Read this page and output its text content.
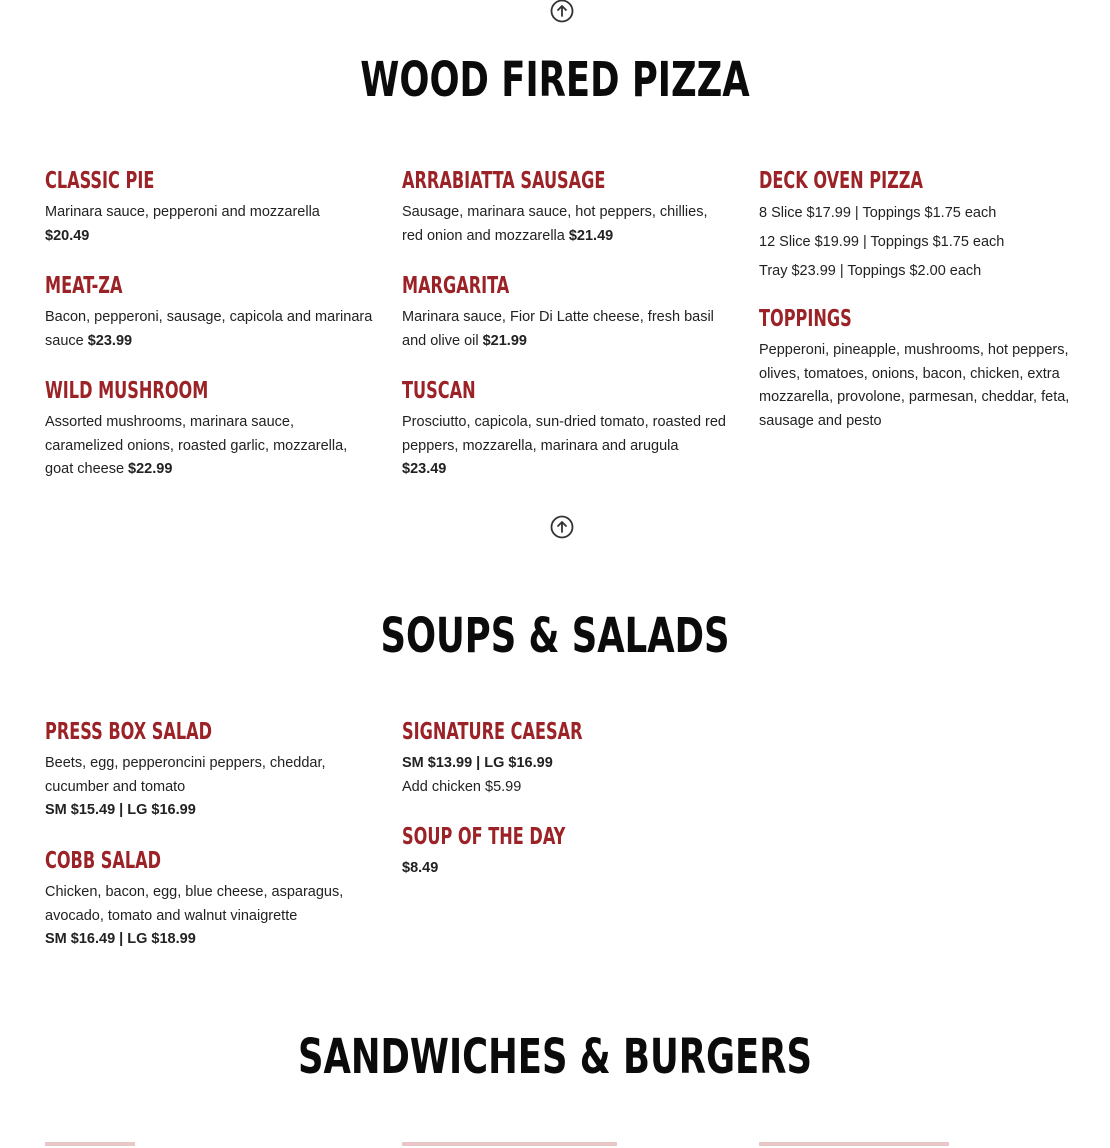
WOOD FIRED PIZZA
CLASSIC PIE

Marinara sauce, pepperoni and mozzarella
$20.49

ARRABIATTA SAUSAGE

Sausage, marinara sauce, hot peppers, chillies, red onion and mozzarella $21.49

DECK OVEN PIZZA

8 Slice $17.99 | Toppings $1.75 each

12 Slice $19.99 | Toppings $1.75 each

Tray $23.99 | Toppings $2.00 each

MEAT-ZA

Bacon, pepperoni, sausage, capicola and marinara sauce $23.99

MARGARITA

Marinara sauce, Fior Di Latte cheese, fresh basil and olive oil $21.99

TOPPINGS

Pepperoni, pineapple, mushrooms, hot peppers, olives, tomatoes, onions, bacon, chicken, extra mozzarella, provolone, parmesan, cheddar, feta, sausage and pesto

WILD MUSHROOM

Assorted mushrooms, marinara sauce, caramelized onions, roasted garlic, mozzarella, goat cheese $22.99

TUSCAN

Prosciutto, capicola, sun-dried tomato, roasted red peppers, mozzarella, marinara and arugula
$23.49

SOUPS & SALADS
PRESS BOX SALAD

Beets, egg, pepperoncini peppers, cheddar, cucumber and tomato
SM $15.49 | LG $16.99

SIGNATURE CAESAR

SM $13.99 | LG $16.99

Add chicken $5.99

COBB SALAD

Chicken, bacon, egg, blue cheese, asparagus, avocado, tomato and walnut vinaigrette
SM $16.49 | LG $18.99

SOUP OF THE DAY

$8.49

SANDWICHES & BURGERS
